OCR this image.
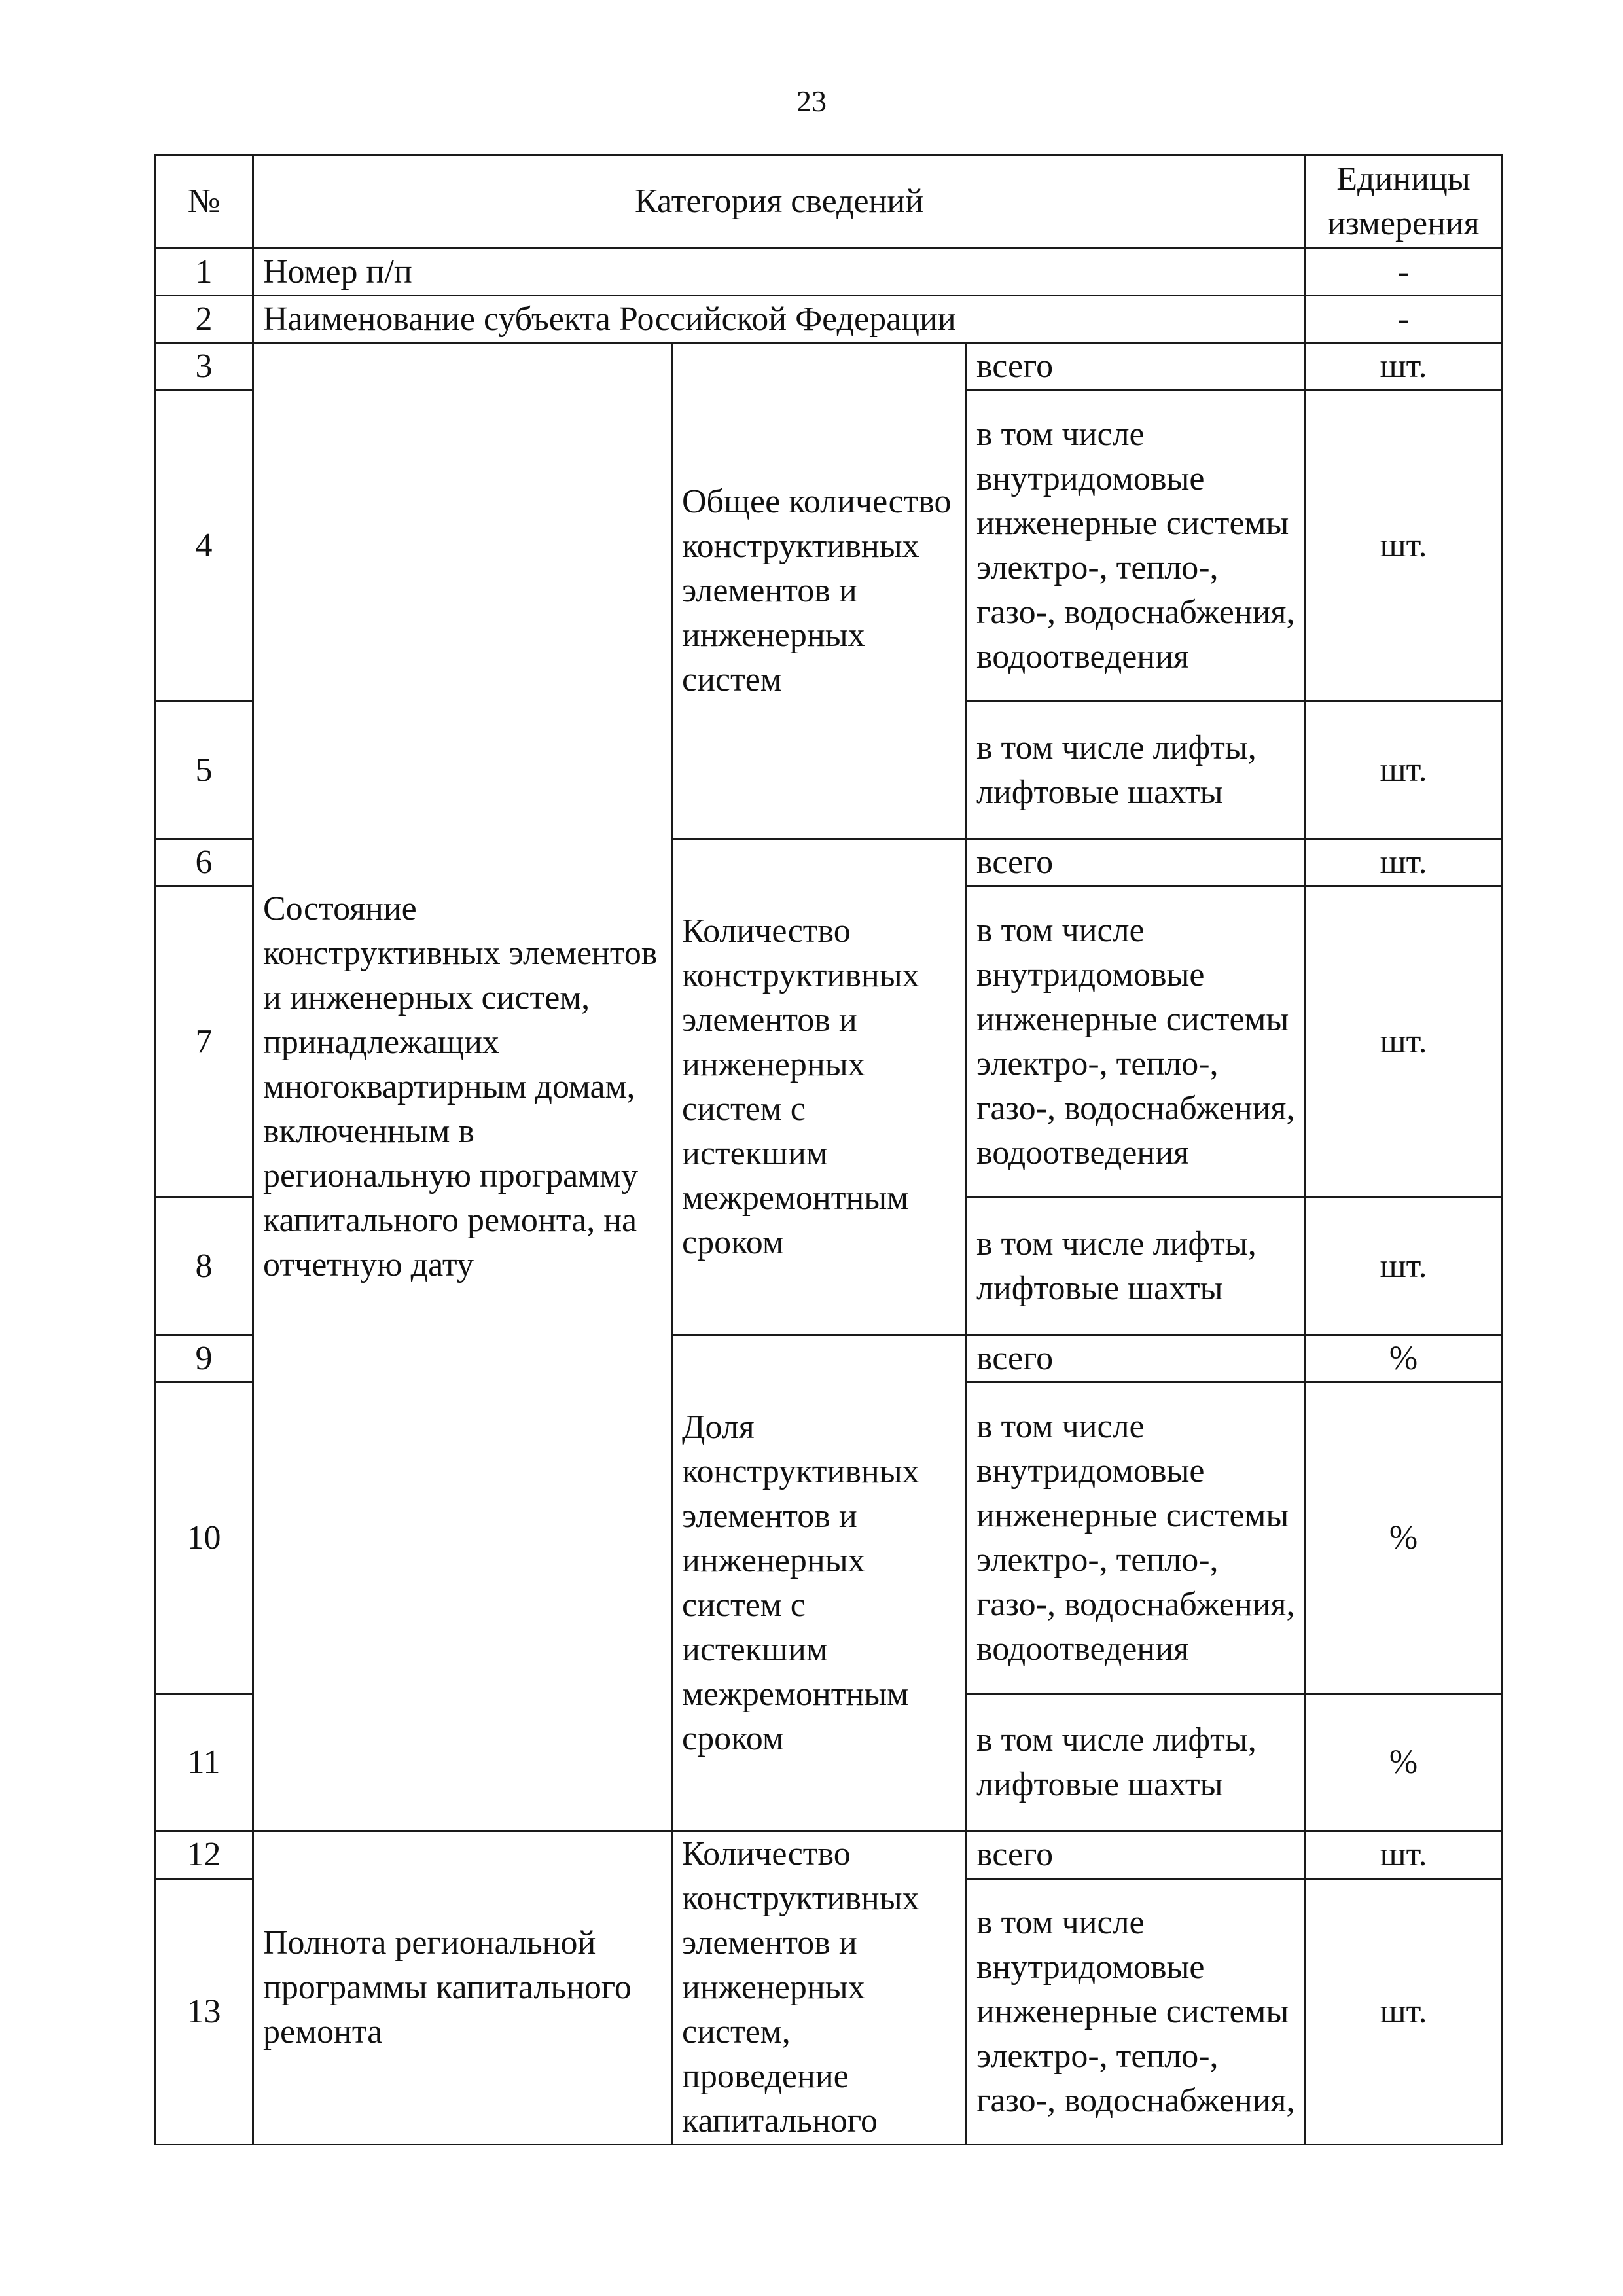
23
№	Категория сведений			Единицы измерения
1	Номер п/п			-
2	Наименование субъекта Российской Федерации			-
3	Состояние конструктивных элементов и инженерных систем, принадлежащих многоквартирным домам, включенным в региональную программу капитального ремонта, на отчетную дату	Общее количество конструктивных элементов и инженерных систем	всего	шт.
4			в том числе внутридомовые инженерные системы электро-, тепло-, газо-, водоснабжения, водоотведения	шт.
5			в том числе лифты, лифтовые шахты	шт.
6		Количество конструктивных элементов и инженерных систем с истекшим межремонтным сроком	всего	шт.
7			в том числе внутридомовые инженерные системы электро-, тепло-, газо-, водоснабжения, водоотведения	шт.
8			в том числе лифты, лифтовые шахты	шт.
9		Доля конструктивных элементов и инженерных систем с истекшим межремонтным сроком	всего	%
10			в том числе внутридомовые инженерные системы электро-, тепло-, газо-, водоснабжения, водоотведения	%
11			в том числе лифты, лифтовые шахты	%
12	Полнота региональной программы капитального ремонта	Количество конструктивных элементов и инженерных систем, проведение капитального	всего	шт.
13			в том числе внутридомовые инженерные системы электро-, тепло-, газо-, водоснабжения,	шт.
